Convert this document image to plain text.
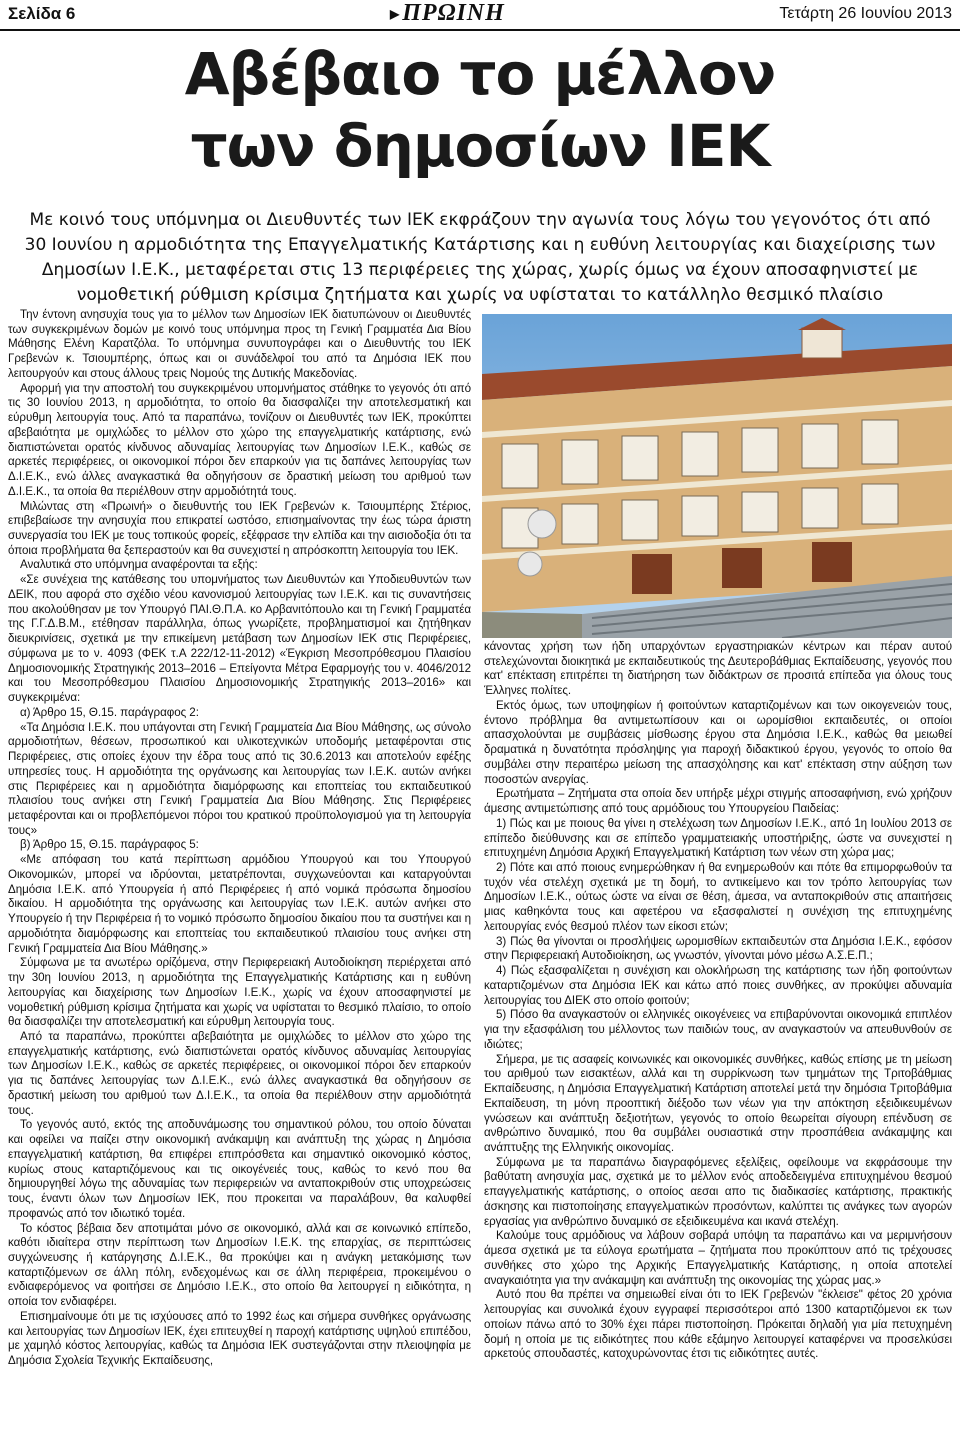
Σελίδα 6	▶ΠΡΩΙΝΗ	Τετάρτη 26 Ιουνίου 2013
Αβέβαιο το μέλλον
των δημοσίων ΙΕΚ
Με κοινό τους υπόμνημα οι Διευθυντές των ΙΕΚ εκφράζουν την αγωνία τους λόγω του γεγονότος ότι από 30 Ιουνίου η αρμοδιότητα της Επαγγελματικής Κατάρτισης και η ευθύνη λειτουργίας και διαχείρισης των Δημοσίων Ι.Ε.Κ., μεταφέρεται στις 13 περιφέρειες της χώρας, χωρίς όμως να έχουν αποσαφηνιστεί με νομοθετική ρύθμιση κρίσιμα ζητήματα και χωρίς να υφίσταται το κατάλληλο θεσμικό πλαίσιο

Την έντονη ανησυχία τους για το μέλλον των Δημοσίων ΙΕΚ διατυπώνουν οι Διευθυντές των συγκεκριμένων δομών με κοινό τους υπόμνημα προς τη Γενική Γραμματέα Δια Βίου Μάθησης Ελένη Καρατζόλα. Το υπόμνημα συνυπογράφει και ο Διευθυντής του ΙΕΚ Γρεβενών κ. Τσιουμπέρης, όπως και οι συνάδελφοί του από τα Δημόσια ΙΕΚ που λειτουργούν και στους άλλους τρεις Νομούς της Δυτικής Μακεδονίας.

Αφορμή για την αποστολή του συγκεκριμένου υπομνήματος στάθηκε το γεγονός ότι από τις 30 Ιουνίου 2013, η αρμοδιότητα, το οποίο θα διασφαλίζει την αποτελεσματική και εύρυθμη λειτουργία τους. Από τα παραπάνω, τονίζουν οι Διευθυντές των ΙΕΚ, προκύπτει αβεβαιότητα με ομιχλώδες το μέλλον στο χώρο της επαγγελματικής κατάρτισης, ενώ διαπιστώνεται ορατός κίνδυνος αδυναμίας λειτουργίας των Δημοσίων Ι.Ε.Κ., καθώς σε αρκετές περιφέρειες, οι οικονομικοί πόροι δεν επαρκούν για τις δαπάνες λειτουργίας των Δ.Ι.Ε.Κ., ενώ άλλες αναγκαστικά θα οδηγήσουν σε δραστική μείωση του αριθμού των Δ.Ι.Ε.Κ., τα οποία θα περιέλθουν στην αρμοδιότητά τους.

Μιλώντας στη «Πρωινή» ο διευθυντής του ΙΕΚ Γρεβενών κ. Τσιουμπέρης Στέριος, επιβεβαίωσε την ανησυχία που επικρατεί ωστόσο, επισημαίνοντας την έως τώρα άριστη συνεργασία του ΙΕΚ με τους τοπικούς φορείς, εξέφρασε την ελπίδα και την αισιοδοξία ότι τα όποια προβλήματα θα ξεπεραστούν και θα συνεχιστεί η απρόσκοπτη λειτουργία του ΙΕΚ.

Αναλυτικά στο υπόμνημα αναφέρονται τα εξής:

«Σε συνέχεια της κατάθεσης του υπομνήματος των Διευθυντών και Υποδιευθυντών των ΔΕΙΚ, που αφορά στο σχέδιο νέου κανονισμού λειτουργίας των Ι.Ε.Κ. και τις συναντήσεις που ακολούθησαν με τον Υπουργό ΠΑΙ.Θ.Π.Α. κο Αρβανιτόπουλο και τη Γενική Γραμματέα της Γ.Γ.Δ.Β.Μ., ετέθησαν παράλληλα, όπως γνωρίζετε, προβληματισμοί και ζητήθηκαν διευκρινίσεις, σχετικά με την επικείμενη μετάβαση των Δημοσίων ΙΕΚ στις Περιφέρειες, σύμφωνα με το ν. 4093 (ΦΕΚ τ.Α 222/12-11-2012) «Έγκριση Μεσοπρόθεσμου Πλαισίου Δημοσιονομικής Στρατηγικής 2013–2016 – Επείγοντα Μέτρα Εφαρμογής του ν. 4046/2012 και του Μεσοπρόθεσμου Πλαισίου Δημοσιονομικής Στρατηγικής 2013–2016» και συγκεκριμένα:

α) Άρθρο 15, Θ.15. παράγραφος 2:

«Τα Δημόσια Ι.Ε.Κ. που υπάγονται στη Γενική Γραμματεία Δια Βίου Μάθησης, ως σύνολο αρμοδιοτήτων, θέσεων, προσωπικού και υλικοτεχνικών υποδομής μεταφέρονται στις Περιφέρειες, στις οποίες έχουν την έδρα τους από τις 30.6.2013 και αποτελούν εφέξης υπηρεσίες τους. Η αρμοδιότητα της οργάνωσης και λειτουργίας των Ι.Ε.Κ. αυτών ανήκει στις Περιφέρειες και η αρμοδιότητα διαμόρφωσης και εποπτείας του εκπαιδευτικού πλαισίου τους ανήκει στη Γενική Γραμματεία Δια Βίου Μάθησης. Στις Περιφέρειες μεταφέρονται και οι προβλεπόμενοι πόροι του κρατικού προϋπολογισμού για τη λειτουργία τους»

β) Άρθρο 15, Θ.15. παράγραφος 5:

«Με απόφαση του κατά περίπτωση αρμόδιου Υπουργού και του Υπουργού Οικονομικών, μπορεί να ιδρύονται, μετατρέπονται, συγχωνεύονται και καταργούνται Δημόσια Ι.Ε.Κ. από Υπουργεία ή από Περιφέρειες ή από νομικά πρόσωπα δημοσίου δικαίου. Η αρμοδιότητα της οργάνωσης και λειτουργίας των Ι.Ε.Κ. αυτών ανήκει στο Υπουργείο ή την Περιφέρεια ή το νομικό πρόσωπο δημοσίου δικαίου που τα συστήνει και η αρμοδιότητα διαμόρφωσης και εποπτείας του εκπαιδευτικού πλαισίου τους ανήκει στη Γενική Γραμματεία Δια Βίου Μάθησης.»

Σύμφωνα με τα ανωτέρω ορίζόμενα, στην Περιφερειακή Αυτοδιοίκηση περιέρχεται από την 30η Ιουνίου 2013, η αρμοδιότητα της Επαγγελματικής Κατάρτισης και η ευθύνη λειτουργίας και διαχείρισης των Δημοσίων Ι.Ε.Κ., χωρίς να έχουν αποσαφηνιστεί με νομοθετική ρύθμιση κρίσιμα ζητήματα και χωρίς να υφίσταται το θεσμικό πλαίσιο, το οποίο θα διασφαλίζει την αποτελεσματική και εύρυθμη λειτουργία τους.

Από τα παραπάνω, προκύπτει αβεβαιότητα με ομιχλώδες το μέλλον στο χώρο της επαγγελματικής κατάρτισης, ενώ διαπιστώνεται ορατός κίνδυνος αδυναμίας λειτουργίας των Δημοσίων Ι.Ε.Κ., καθώς σε αρκετές περιφέρειες, οι οικονομικοί πόροι δεν επαρκούν για τις δαπάνες λειτουργίας των Δ.Ι.Ε.Κ., ενώ άλλες αναγκαστικά θα οδηγήσουν σε δραστική μείωση του αριθμού των Δ.Ι.Ε.Κ., τα οποία θα περιέλθουν στην αρμοδιότητά τους.

Το γεγονός αυτό, εκτός της αποδυνάμωσης του σημαντικού ρόλου, του οποίο δύναται και οφείλει να παίζει στην οικονομική ανάκαμψη και ανάπτυξη της χώρας η Δημόσια επαγγελματική κατάρτιση, θα επιφέρει επιπρόσθετα και σημαντικό οικονομικό κόστος, κυρίως στους καταρτιζόμενους και τις οικογένειές τους, καθώς το κενό που θα δημιουργηθεί λόγω της αδυναμίας των περιφερειών να ανταποκριθούν στις υποχρεώσεις τους, έναντι όλων των Δημοσίων ΙΕΚ, που προκειται να παραλάβουν, θα καλυφθεί προφανώς από τον ιδιωτικό τομέα.

Το κόστος βέβαια δεν αποτιμάται μόνο σε οικονομικό, αλλά και σε κοινωνικό επίπεδο, καθότι ιδιαίτερα στην περίπτωση των Δημοσίων Ι.Ε.Κ. της επαρχίας, σε περιπτώσεις συγχώνευσης ή κατάργησης Δ.Ι.Ε.Κ., θα προκύψει και η ανάγκη μετακόμισης των καταρτιζόμενων σε άλλη πόλη, ενδεχομένως και σε άλλη περιφέρεια, προκειμένου ο ενδιαφερόμενος να φοιτήσει σε Δημόσιο Ι.Ε.Κ., στο οποίο θα λειτουργεί η ειδικότητα, η οποία τον ενδιαφέρει.

Επισημαίνουμε ότι με τις ισχύουσες από το 1992 έως και σήμερα συνθήκες οργάνωσης και λειτουργίας των Δημοσίων ΙΕΚ, έχει επιτευχθεί η παροχή κατάρτισης υψηλού επιπέδου, με χαμηλό κόστος λειτουργίας, καθώς τα Δημόσια ΙΕΚ συστεγάζονται στην πλειοψηφία με Δημόσια Σχολεία Τεχνικής Εκπαίδευσης,

κάνοντας χρήση των ήδη υπαρχόντων εργαστηριακών κέντρων και πέραν αυτού στελεχώνονται διοικητικά με εκπαιδευτικούς της Δευτεροβάθμιας Εκπαίδευσης, γεγονός που κατ' επέκταση επιτρέπει τη διατήρηση των διδάκτρων σε προσιτά επίπεδα για όλους τους Έλληνες πολίτες.

Εκτός όμως, των υποψηφίων ή φοιτούντων καταρτιζομένων και των οικογενειών τους, έντονο πρόβλημα θα αντιμετωπίσουν και οι ωρομίσθιοι εκπαιδευτές, οι οποίοι απασχολούνται με συμβάσεις μίσθωσης έργου στα Δημόσια Ι.Ε.Κ., καθώς θα μειωθεί δραματικά η δυνατότητα πρόσληψης για παροχή διδακτικού έργου, γεγονός το οποίο θα συμβάλει στην περαιτέρω μείωση της απασχόλησης και κατ' επέκταση στην αύξηση των ποσοστών ανεργίας.

Ερωτήματα – Ζητήματα στα οποία δεν υπήρξε μέχρι στιγμής αποσαφήνιση, ενώ χρήζουν άμεσης αντιμετώπισης από τους αρμόδιους του Υπουργείου Παιδείας:

1) Πώς και με ποιους θα γίνει η στελέχωση των Δημοσίων Ι.Ε.Κ., από 1η Ιουλίου 2013 σε επίπεδο διεύθυνσης και σε επίπεδο γραμματειακής υποστήριξης, ώστε να συνεχιστεί η επιτυχημένη Δημόσια Αρχική Επαγγελματική Κατάρτιση των νέων στη χώρα μας;

2) Πότε και από ποιους ενημερώθηκαν ή θα ενημερωθούν και πότε θα επιμορφωθούν τα τυχόν νέα στελέχη σχετικά με τη δομή, το αντικείμενο και τον τρόπο λειτουργίας των Δημοσίων Ι.Ε.Κ., ούτως ώστε να είναι σε θέση, άμεσα, να ανταποκριθούν στις απαιτήσεις μιας καθηκόντα τους και αφετέρου να εξασφαλιστεί η συνέχιση της επιτυχημένης λειτουργίας ενός θεσμού πλέον των είκοσι ετών;

3) Πώς θα γίνονται οι προσλήψεις ωρομισθίων εκπαιδευτών στα Δημόσια Ι.Ε.Κ., εφόσον στην Περιφερειακή Αυτοδιοίκηση, ως γνωστόν, γίνονται μόνο μέσω Α.Σ.Ε.Π.;

4) Πώς εξασφαλίζεται η συνέχιση και ολοκλήρωση της κατάρτισης των ήδη φοιτούντων καταρτιζομένων στα Δημόσια ΙΕΚ και κάτω από ποιες συνθήκες, αν προκύψει αδυναμία λειτουργίας του ΔΙΕΚ στο οποίο φοιτούν;

5) Πόσο θα αναγκαστούν οι ελληνικές οικογένειες να επιβαρύνονται οικονομικά επιπλέον για την εξασφάλιση του μέλλοντος των παιδιών τους, αν αναγκαστούν να απευθυνθούν σε ιδιώτες;

Σήμερα, με τις ασαφείς κοινωνικές και οικονομικές συνθήκες, καθώς επίσης με τη μείωση του αριθμού των εισακτέων, αλλά και τη συρρίκνωση των τμημάτων της Τριτοβάθμιας Εκπαίδευσης, η Δημόσια Επαγγελματική Κατάρτιση αποτελεί μετά την δημόσια Τριτοβάθμια Εκπαίδευση, τη μόνη προοπτική διέξοδο των νέων για την απόκτηση εξειδικευμένων γνώσεων και ανάπτυξη δεξιοτήτων, γεγονός το οποίο θεωρείται σίγουρη επένδυση σε ανθρώπινο δυναμικό, που θα συμβάλει ουσιαστικά στην προσπάθεια ανάκαμψης και ανάπτυξης της Ελληνικής οικονομίας.

Σύμφωνα με τα παραπάνω διαγραφόμενες εξελίξεις, οφείλουμε να εκφράσουμε την βαθύτατη ανησυχία μας, σχετικά με το μέλλον ενός αποδεδειγμένα επιτυχημένου θεσμού επαγγελματικής κατάρτισης, ο οποίος αεσαι απο τις διαδικασίες κατάρτισης, πρακτικής άσκησης και πιστοποίησης επαγγελματικών προσόντων, καλύπτει τις ανάγκες των αγορών εργασίας για ανθρώπινο δυναμικό σε εξειδικευμένα και ικανά στελέχη.

Καλούμε τους αρμόδιους να λάβουν σοβαρά υπόψη τα παραπάνω και να μεριμνήσουν άμεσα σχετικά με τα εύλογα ερωτήματα – ζητήματα που προκύπτουν από τις τρέχουσες συνθήκες στο χώρο της Αρχικής Επαγγελματικής Κατάρτισης, η οποία αποτελεί αναγκαιότητα για την ανάκαμψη και ανάπτυξη της οικονομίας της χώρας μας.»

Αυτό που θα πρέπει να σημειωθεί είναι ότι το ΙΕΚ Γρεβενών "έκλεισε" φέτος 20 χρόνια λειτουργίας και συνολικά έχουν εγγραφεί περισσότεροι από 1300 καταρτιζόμενοι εκ των οποίων πάνω από το 30% έχει πάρει πιστοποίηση. Πρόκειται δηλαδή για μία πετυχημένη δομή η οποία με τις ειδικότητες που κάθε εξάμηνο λειτουργεί καταφέρνει να προσελκύσει αρκετούς σπουδαστές, κατοχυρώνοντας έτσι τις ειδικότητες αυτές.
